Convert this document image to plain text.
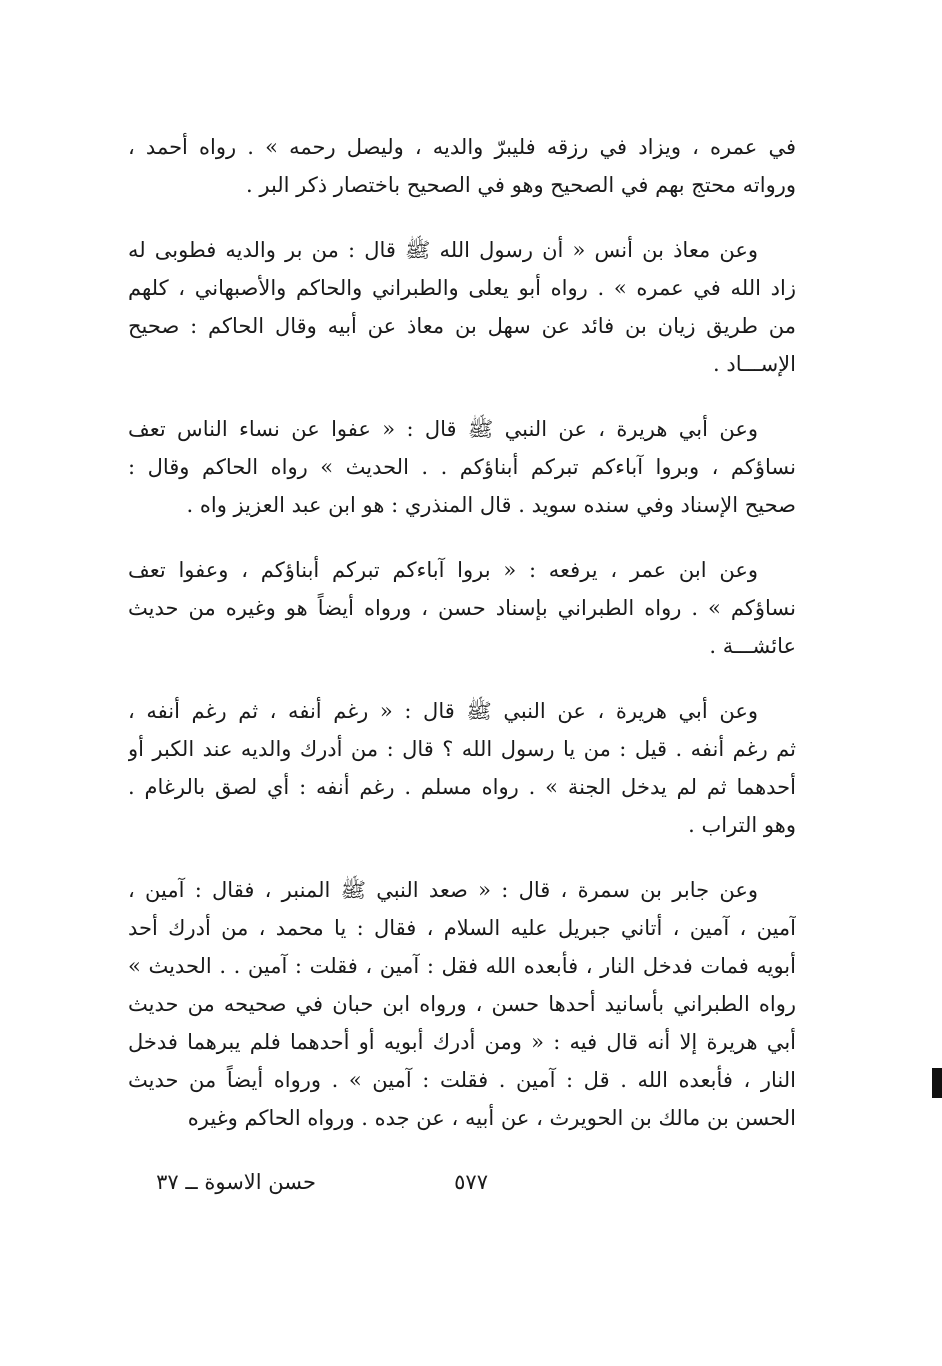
في عمره ، ويزاد في رزقه فليبرّ والديه ، وليصل رحمه » . رواه أحمد ،
ورواته محتج بهم في الصحيح وهو في الصحيح باختصار ذكر البر .

وعن معاذ بن أنس « أن رسول الله ﷺ قال : من بر والديه فطوبى له
زاد الله في عمره » . رواه أبو يعلى والطبراني والحاكم والأصبهاني ، كلهم
من طريق زيان بن فائد عن سهل بن معاذ عن أبيه وقال الحاكم : صحيح
الإســـاد .

وعن أبي هريرة ، عن النبي ﷺ قال : « عفوا عن نساء الناس تعف
نساؤكم ، وبروا آباءكم تبركم أبناؤكم . . الحديث » رواه الحاكم وقال :
صحيح الإسناد وفي سنده سويد . قال المنذري : هو ابن عبد العزيز واه .

وعن ابن عمر ، يرفعه : « بروا آباءكم تبركم أبناؤكم ، وعفوا تعف
نساؤكم » . رواه الطبراني بإسناد حسن ، ورواه أيضاً هو وغيره من حديث
عائشـــة .

وعن أبي هريرة ، عن النبي ﷺ قال : « رغم أنفه ، ثم رغم أنفه ،
ثم رغم أنفه . قيل : من يا رسول الله ؟ قال : من أدرك والديه عند الكبر أو
أحدهما ثم لم يدخل الجنة » . رواه مسلم . رغم أنفه : أي لصق بالرغام .
وهو التراب .

وعن جابر بن سمرة ، قال : « صعد النبي ﷺ المنبر ، فقال : آمين ،
آمين ، آمين ، أتاني جبريل عليه السلام ، فقال : يا محمد ، من أدرك أحد
أبويه فمات فدخل النار ، فأبعده الله فقل : آمين ، فقلت : آمين . . الحديث »
رواه الطبراني بأسانيد أحدها حسن ، ورواه ابن حبان في صحيحه من حديث
أبي هريرة إلا أنه قال فيه : « ومن أدرك أبويه أو أحدهما فلم يبرهما فدخل
النار ، فأبعده الله . قل : آمين . فقلت : آمين » . ورواه أيضاً من حديث
الحسن بن مالك بن الحويرث ، عن أبيه ، عن جده . ورواه الحاكم وغيره

حسن الاسوة ــ ٣٧	٥٧٧
